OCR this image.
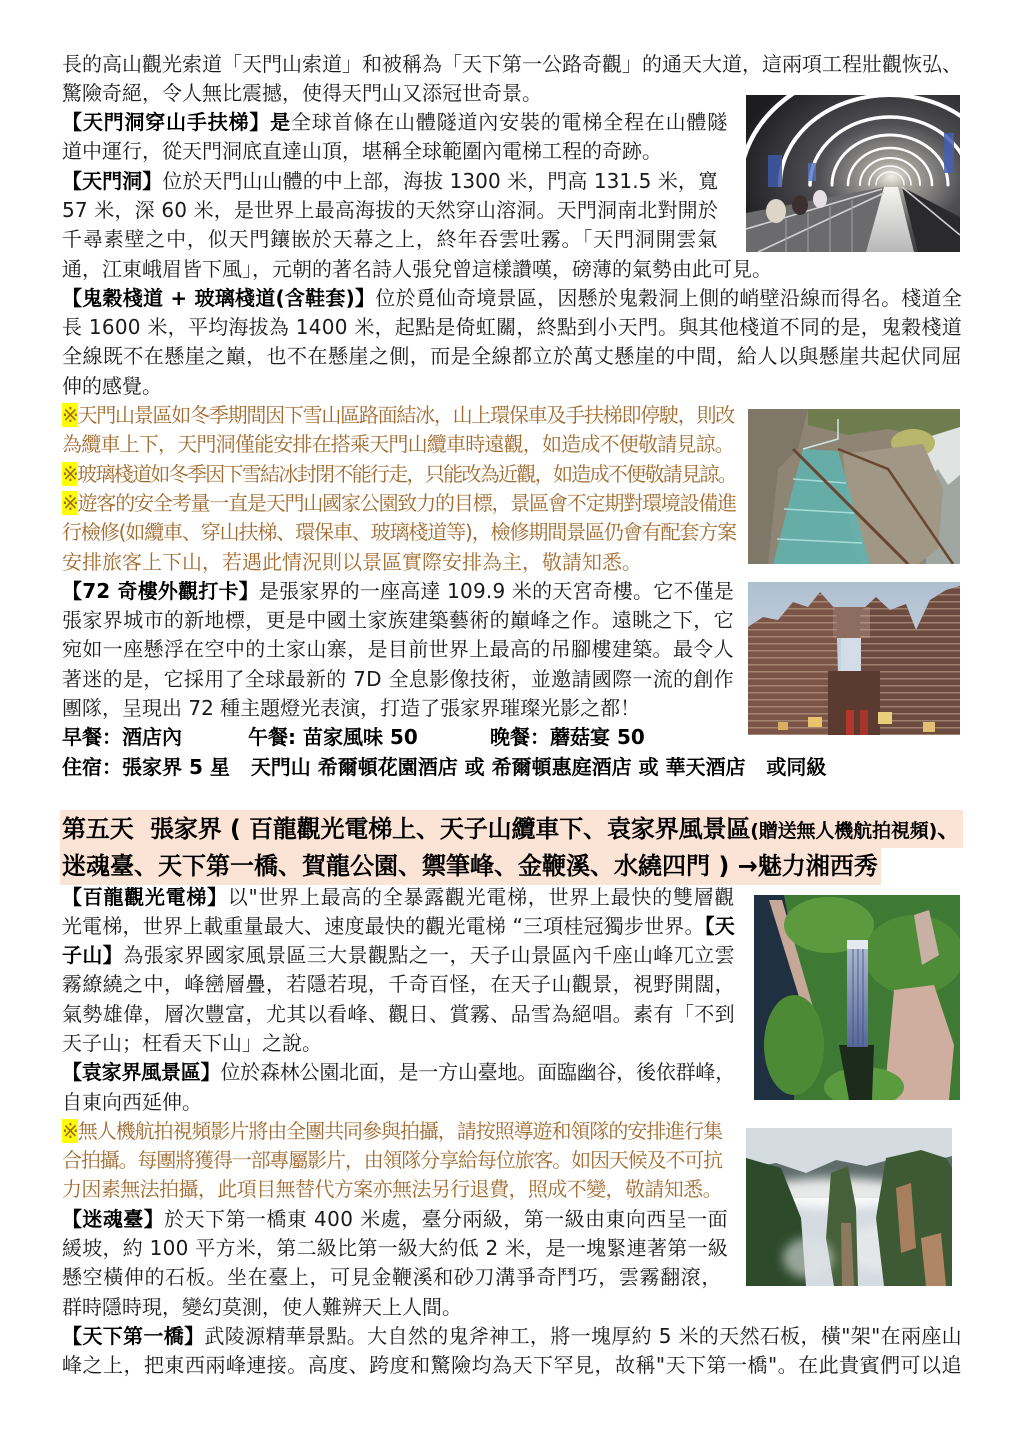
長的高山觀光索道「天門山索道」和被稱為「天下第一公路奇觀」的通天大道，這兩項工程壯觀恢弘、
驚險奇絕，令人無比震撼，使得天門山又添冠世奇景。
【天門洞穿山手扶梯】是全球首條在山體隧道內安裝的電梯全程在山體隧
道中運行，從天門洞底直達山頂，堪稱全球範圍內電梯工程的奇跡。
【天門洞】位於天門山山體的中上部，海拔 1300 米，門高 131.5 米，寬
57 米，深 60 米，是世界上最高海拔的天然穿山溶洞。天門洞南北對開於
千尋素壁之中，似天門鑲嵌於天幕之上，終年吞雲吐霧。「天門洞開雲氣
通，江東峨眉皆下風」，元朝的著名詩人張兌曾這樣讚嘆，磅薄的氣勢由此可見。
【鬼穀棧道 + 玻璃棧道(含鞋套)】位於覓仙奇境景區，因懸於鬼穀洞上側的峭壁沿線而得名。棧道全
長 1600 米，平均海拔為 1400 米，起點是倚虹關，終點到小天門。與其他棧道不同的是，鬼穀棧道
全線既不在懸崖之巔，也不在懸崖之側，而是全線都立於萬丈懸崖的中間，給人以與懸崖共起伏同屈
伸的感覺。
※天門山景區如冬季期間因下雪山區路面結冰，山上環保車及手扶梯即停駛，則改
為纜車上下，天門洞僅能安排在搭乘天門山纜車時遠觀，如造成不便敬請見諒。
※玻璃棧道如冬季因下雪結冰封閉不能行走，只能改為近觀，如造成不便敬請見諒。
※遊客的安全考量一直是天門山國家公園致力的目標，景區會不定期對環境設備進
行檢修(如纜車、穿山扶梯、環保車、玻璃棧道等)，檢修期間景區仍會有配套方案
安排旅客上下山，若遇此情況則以景區實際安排為主，敬請知悉。
【72 奇樓外觀打卡】是張家界的一座高達 109.9 米的天宮奇樓。它不僅是
張家界城市的新地標，更是中國土家族建築藝術的巔峰之作。遠眺之下，它
宛如一座懸浮在空中的土家山寨，是目前世界上最高的吊腳樓建築。最令人
著迷的是，它採用了全球最新的 7D 全息影像技術，並邀請國際一流的創作
團隊，呈現出 72 種主題燈光表演，打造了張家界璀璨光影之都！
早餐：酒店內	午餐: 苗家風味 50	晚餐：蘑菇宴 50
住宿：張家界 5 星   天門山 希爾頓花園酒店 或 希爾頓惠庭酒店 或 華天酒店   或同級
第五天  張家界 ( 百龍觀光電梯上、天子山纜車下、袁家界風景區(贈送無人機航拍視頻)、
迷魂臺、天下第一橋、賀龍公園、禦筆峰、金鞭溪、水繞四門 ) →魅力湘西秀
【百龍觀光電梯】以"世界上最高的全暴露觀光電梯，世界上最快的雙層觀
光電梯，世界上載重量最大、速度最快的觀光電梯 “三項桂冠獨步世界。【天
子山】為張家界國家風景區三大景觀點之一，天子山景區內千座山峰兀立雲
霧繚繞之中，峰巒層疊，若隱若現，千奇百怪，在天子山觀景，視野開闊，
氣勢雄偉，層次豐富，尤其以看峰、觀日、賞霧、品雪為絕唱。素有「不到
天子山；枉看天下山」之說。
【袁家界風景區】位於森林公園北面，是一方山臺地。面臨幽谷，後依群峰，
自東向西延伸。
※無人機航拍視頻影片將由全團共同參與拍攝，請按照導遊和領隊的安排進行集
合拍攝。每團將獲得一部專屬影片，由領隊分享給每位旅客。如因天候及不可抗
力因素無法拍攝，此項目無替代方案亦無法另行退費，照成不變，敬請知悉。
【迷魂臺】於天下第一橋東 400 米處，臺分兩級，第一級由東向西呈一面
緩坡，約 100 平方米，第二級比第一級大約低 2 米，是一塊緊連著第一級
懸空橫伸的石板。坐在臺上，可見金鞭溪和砂刀溝爭奇鬥巧，雲霧翻滾，
群時隱時現，變幻莫測，使人難辨天上人間。
【天下第一橋】武陵源精華景點。大自然的鬼斧神工，將一塊厚約 5 米的天然石板，橫"架"在兩座山
峰之上，把東西兩峰連接。高度、跨度和驚險均為天下罕見，故稱"天下第一橋"。在此貴賓們可以追
